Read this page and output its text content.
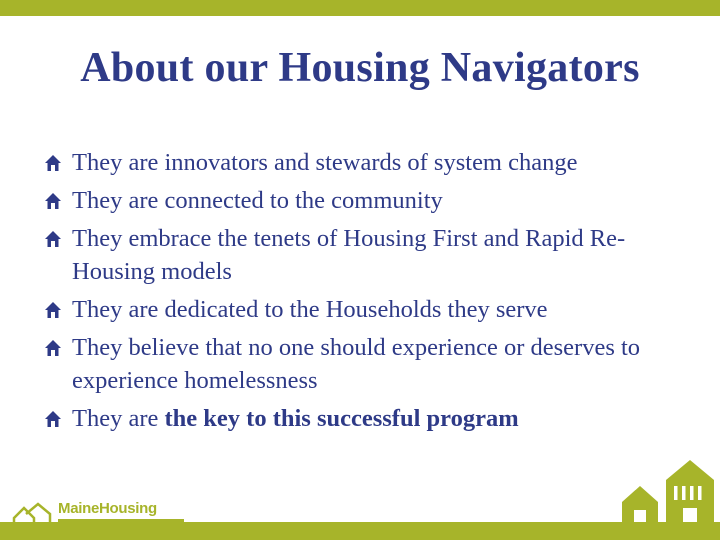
About our Housing Navigators
They are innovators and stewards of system change
They are connected to the community
They embrace the tenets of Housing First and Rapid Re-Housing models
They are dedicated to the Households they serve
They believe that no one should experience or deserves to experience homelessness
They are the key to this successful program
MaineHousing
